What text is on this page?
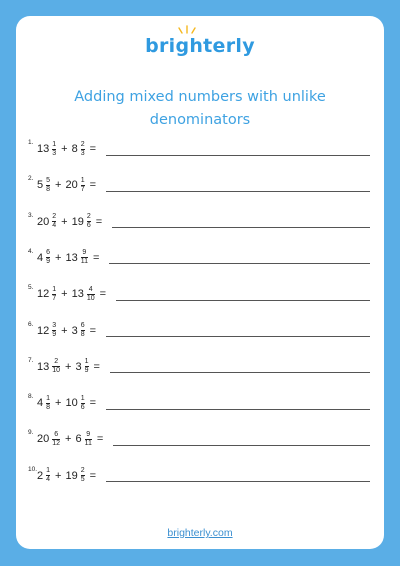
brighterly
Adding mixed numbers with unlike denominators
1.
$13 \frac{1}{3} + 8 \frac{2}{3}$ =
2.
$5 \frac{5}{8} + 20 \frac{1}{7}$ =
3.
$20 \frac{2}{4} + 19 \frac{2}{6}$ =
4.
$4 \frac{6}{9} + 13 \frac{9}{11}$ =
5.
$12 \frac{1}{7} + 13 \frac{4}{10}$ =
6.
$12 \frac{3}{9} + 3 \frac{6}{8}$ =
7.
$13 \frac{2}{10} + 3 \frac{1}{9}$ =
8.
$4 \frac{1}{8} + 10 \frac{1}{6}$ =
9.
$20 \frac{6}{12} + 6 \frac{9}{11}$ =
10.
$2 \frac{1}{4} + 19 \frac{2}{5}$ =
brighterly.com
